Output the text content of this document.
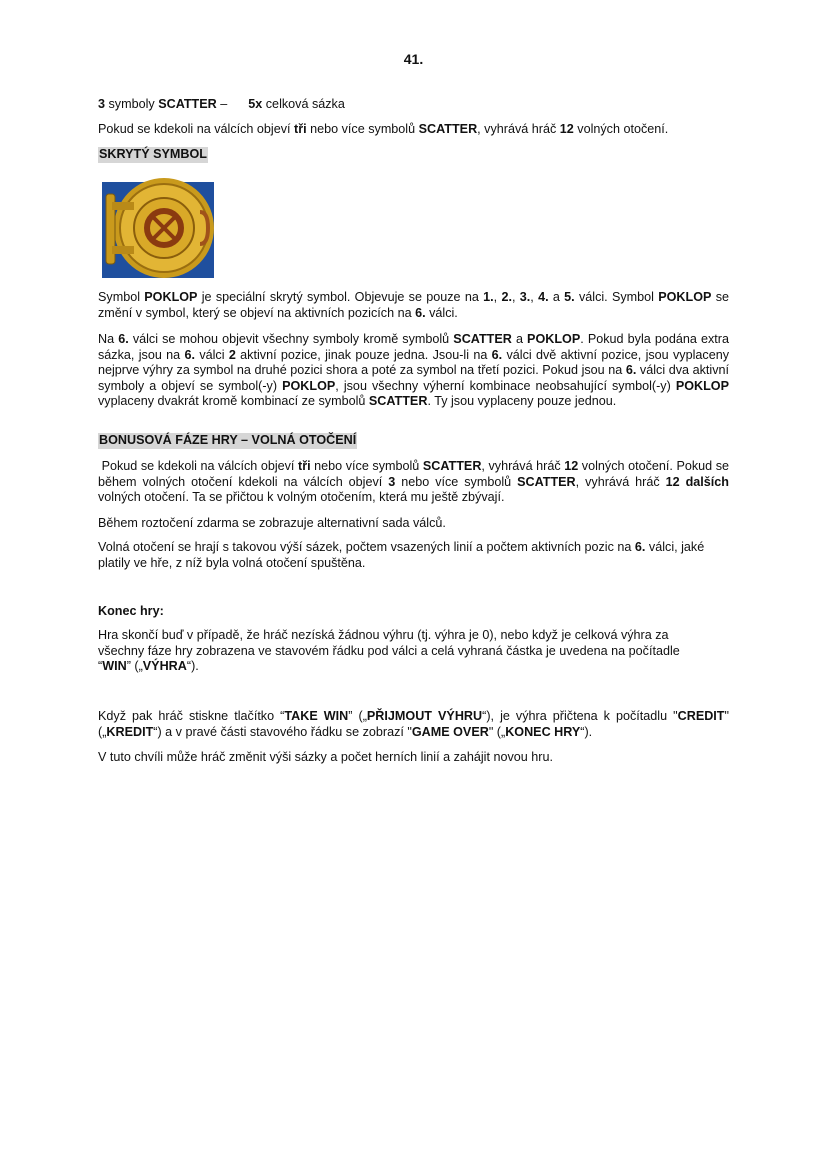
41.
3 symboly SCATTER –      5x celková sázka
Pokud se kdekoli na válcích objeví tři nebo více symbolů SCATTER, vyhrává hráč 12 volných otočení.
SKRYTÝ SYMBOL
Symbol POKLOP je speciální skrytý symbol. Objevuje se pouze na 1., 2., 3., 4. a 5. válci. Symbol POKLOP se změní v symbol, který se objeví na aktivních pozicích na 6. válci.
Na 6. válci se mohou objevit všechny symboly kromě symbolů SCATTER a POKLOP. Pokud byla podána extra sázka, jsou na 6. válci 2 aktivní pozice, jinak pouze jedna. Jsou-li na 6. válci dvě aktivní pozice, jsou vyplaceny nejprve výhry za symbol na druhé pozici shora a poté za symbol na třetí pozici. Pokud jsou na 6. válci dva aktivní symboly a objeví se symbol(-y) POKLOP, jsou všechny výherní kombinace neobsahující symbol(-y) POKLOP vyplaceny dvakrát kromě kombinací ze symbolů SCATTER. Ty jsou vyplaceny pouze jednou.
BONUSOVÁ FÁZE HRY – VOLNÁ OTOČENÍ
Pokud se kdekoli na válcích objeví tři nebo více symbolů SCATTER, vyhrává hráč 12 volných otočení. Pokud se během volných otočení kdekoli na válcích objeví 3 nebo více symbolů SCATTER, vyhrává hráč 12 dalších volných otočení. Ta se přičtou k volným otočením, která mu ještě zbývají.
Během roztočení zdarma se zobrazuje alternativní sada válců.
Volná otočení se hrají s takovou výší sázek, počtem vsazených linií a počtem aktivních pozic na 6. válci, jaké platily ve hře, z níž byla volná otočení spuštěna.
Konec hry:
Hra skončí buď v případě, že hráč nezíská žádnou výhru (tj. výhra je 0), nebo když je celková výhra za všechny fáze hry zobrazena ve stavovém řádku pod válci a celá vyhraná částka je uvedena na počítadle “WIN” („VÝHRA“).
Když pak hráč stiskne tlačítko “TAKE WIN” („PŘIJMOUT VÝHRU“), je výhra přičtena k počítadlu "CREDIT" („KREDIT“) a v pravé části stavového řádku se zobrazí "GAME OVER" („KONEC HRY“).
V tuto chvíli může hráč změnit výši sázky a počet herních linií a zahájit novou hru.
